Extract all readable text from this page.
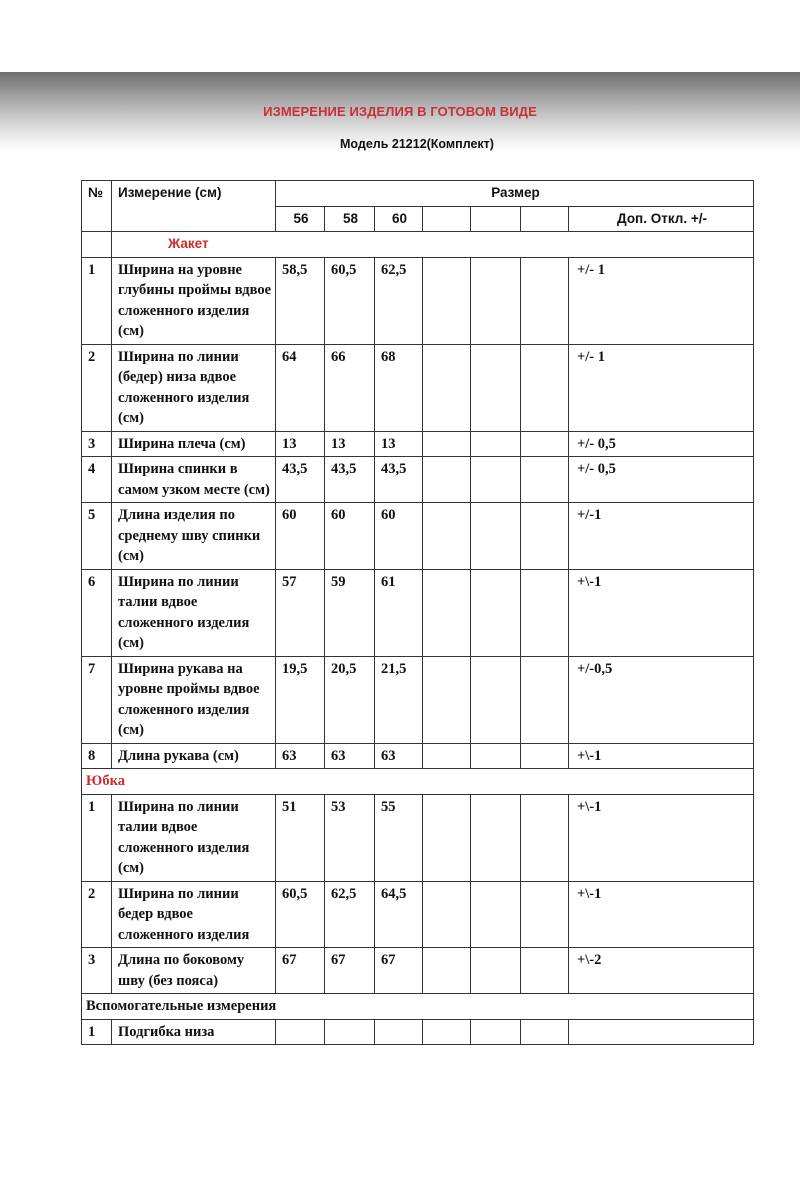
ИЗМЕРЕНИЕ ИЗДЕЛИЯ В ГОТОВОМ ВИДЕ
Модель 21212(Комплект)
№	Измерение (см)	Размер						
		56	58	60				Доп. Откл. +/-
	Жакет							
1	Ширина на уровне глубины проймы вдвое сложенного изделия (см)	58,5	60,5	62,5				+/- 1
2	Ширина по линии (бедер) низа вдвое сложенного изделия (см)	64	66	68				+/- 1
3	Ширина плеча (см)	13	13	13				+/- 0,5
4	Ширина спинки в самом узком месте (см)	43,5	43,5	43,5				+/- 0,5
5	Длина изделия по среднему шву спинки (см)	60	60	60				+/-1
6	Ширина по линии талии вдвое сложенного изделия (см)	57	59	61				+\-1
7	Ширина рукава на уровне проймы вдвое сложенного изделия (см)	19,5	20,5	21,5				+/-0,5
8	Длина рукава (см)	63	63	63				+\-1
Юбка								
1	Ширина по линии талии вдвое сложенного изделия (см)	51	53	55				+\-1
2	Ширина по линии бедер вдвое сложенного изделия	60,5	62,5	64,5				+\-1
3	Длина по боковому шву (без пояса)	67	67	67				+\-2
Вспомогательные измерения								
1	Подгибка низа							
